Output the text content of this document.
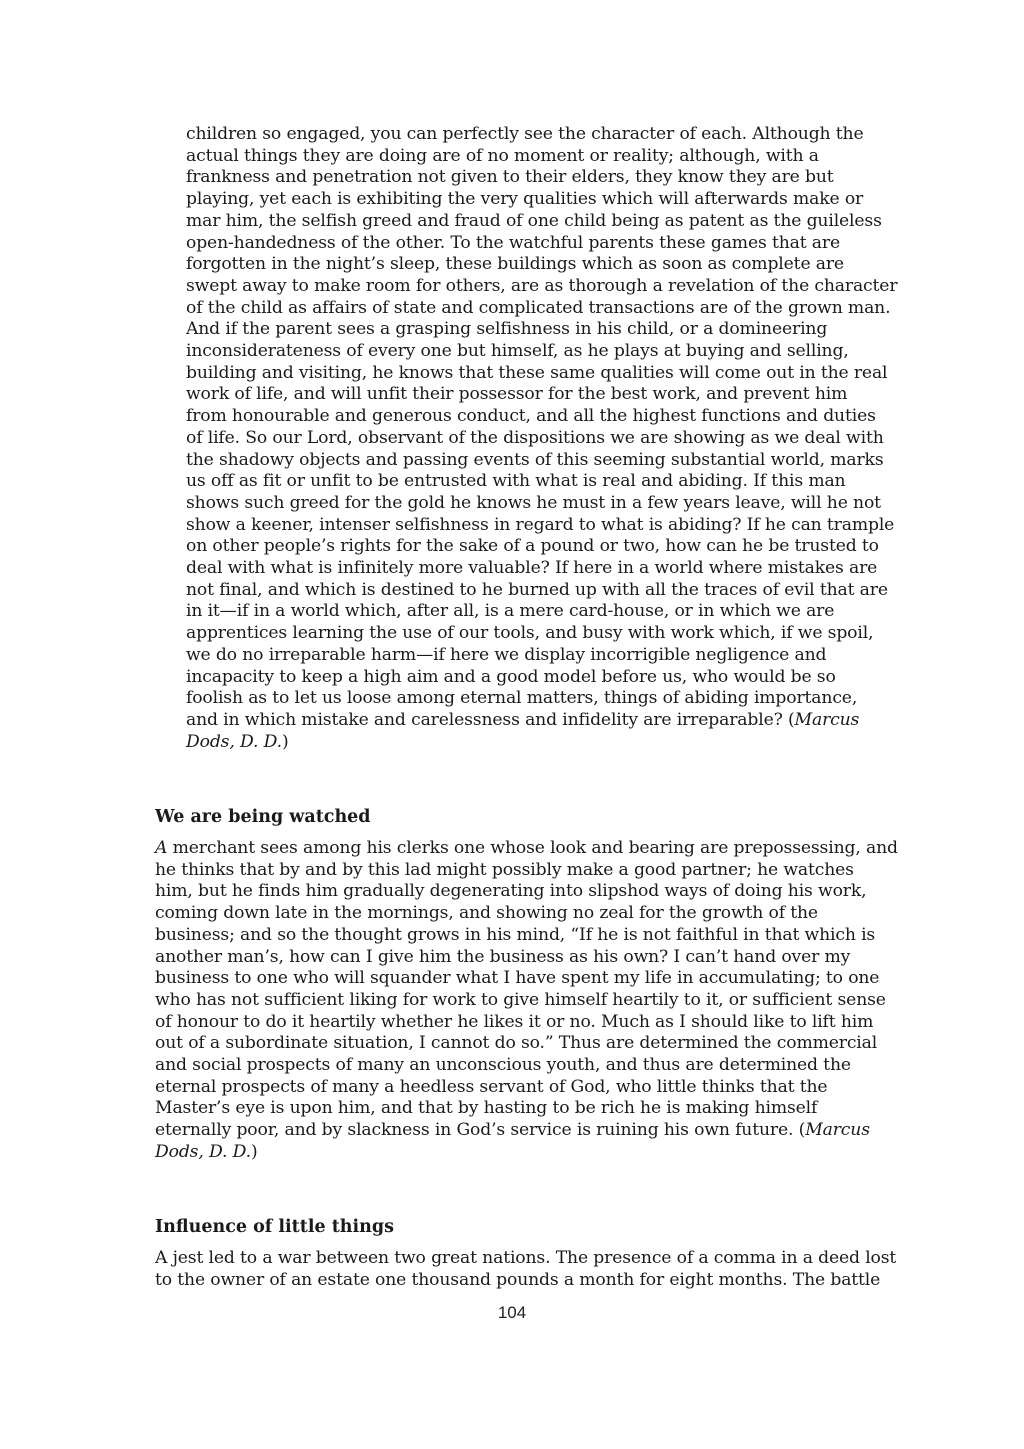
children so engaged, you can perfectly see the character of each. Although the
actual things they are doing are of no moment or reality; although, with a
frankness and penetration not given to their elders, they know they are but
playing, yet each is exhibiting the very qualities which will afterwards make or
mar him, the selfish greed and fraud of one child being as patent as the guileless
open-handedness of the other. To the watchful parents these games that are
forgotten in the night’s sleep, these buildings which as soon as complete are
swept away to make room for others, are as thorough a revelation of the character
of the child as affairs of state and complicated transactions are of the grown man.
And if the parent sees a grasping selfishness in his child, or a domineering
inconsiderateness of every one but himself, as he plays at buying and selling,
building and visiting, he knows that these same qualities will come out in the real
work of life, and will unfit their possessor for the best work, and prevent him
from honourable and generous conduct, and all the highest functions and duties
of life. So our Lord, observant of the dispositions we are showing as we deal with
the shadowy objects and passing events of this seeming substantial world, marks
us off as fit or unfit to be entrusted with what is real and abiding. If this man
shows such greed for the gold he knows he must in a few years leave, will he not
show a keener, intenser selfishness in regard to what is abiding? If he can trample
on other people’s rights for the sake of a pound or two, how can he be trusted to
deal with what is infinitely more valuable? If here in a world where mistakes are
not final, and which is destined to he burned up with all the traces of evil that are
in it—if in a world which, after all, is a mere card-house, or in which we are
apprentices learning the use of our tools, and busy with work which, if we spoil,
we do no irreparable harm—if here we display incorrigible negligence and
incapacity to keep a high aim and a good model before us, who would be so
foolish as to let us loose among eternal matters, things of abiding importance,
and in which mistake and carelessness and infidelity are irreparable? (Marcus
Dods, D. D.)
We are being watched
A merchant sees among his clerks one whose look and bearing are prepossessing, and
he thinks that by and by this lad might possibly make a good partner; he watches
him, but he finds him gradually degenerating into slipshod ways of doing his work,
coming down late in the mornings, and showing no zeal for the growth of the
business; and so the thought grows in his mind, “If he is not faithful in that which is
another man’s, how can I give him the business as his own? I can’t hand over my
business to one who will squander what I have spent my life in accumulating; to one
who has not sufficient liking for work to give himself heartily to it, or sufficient sense
of honour to do it heartily whether he likes it or no. Much as I should like to lift him
out of a subordinate situation, I cannot do so.” Thus are determined the commercial
and social prospects of many an unconscious youth, and thus are determined the
eternal prospects of many a heedless servant of God, who little thinks that the
Master’s eye is upon him, and that by hasting to be rich he is making himself
eternally poor, and by slackness in God’s service is ruining his own future. (Marcus
Dods, D. D.)
Influence of little things
A jest led to a war between two great nations. The presence of a comma in a deed lost
to the owner of an estate one thousand pounds a month for eight months. The battle
104
